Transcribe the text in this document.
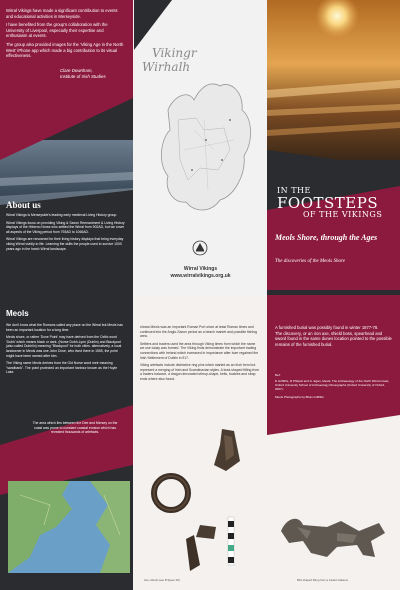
Wirral Vikings have made a significant contribution to events and educational activities in Merseyside.

I have benefited from the group's collaboration with the University of Liverpool, especially their expertise and enthusiasm at events.

The group also provided images for the 'Viking Age in the North West' iPhone app which made a big contribution to its visual effectiveness.

Clare Downham,
Institute of Irish Studies
About us

Wirral Vikings is Merseyside's leading early medieval Living History group.

Wirral Vikings focus on providing Viking & Saxon Reenactment & Living History displays of the Hiberno Norse who settled the Wirral from 902AD, but we cover all aspects of the Viking period from 793AD to 1066AD.

Wirral Vikings are renowned for their living history displays that bring everyday viking Wirral vividly to life. Learning the skills the people used to survive 1000 years ago in the harsh Wirral landscape.

Vikingr
Wirhalh
Wirral Vikings
www.wirralvikings.org.uk
IN THE
FOOTSTEPS
OF THE VIKINGS
Meols Shore, through the Ages
The discoveries of the Meols Shore
Meols

We don't know what the Romans called any place on the Wirral but Meols has been an important location for a long time.

Meols shore, or rather 'Dove Point' may have derived from the Celtic word 'Dubh' which means black or dark. (Norse Dubh-Lynn (Dublin) and Blackpool (also called Dubhlin) meaning "Blackpool" for both cities. alternatively, a local landowner in Meols was one John Dove, who lived there in 1555, the point might have been named after him.

The Viking name Meols derives from the Old Norse word melr meaning "sandbank". The point protected an important harbour known as the Hoyle Lake.

The area which lies between the Dee and Mersey on the coast was prone to constant coastal erosion which has revealed thousands of artefacts.

shows Meols was an important Roman Port since at least Roman times and continued into the Anglo-Saxon period as a beach market and possible fishing area.

Settlers and traders used the area through Viking times from which the name we use today was formed. The Viking finds demonstrate the important trading connections with Ireland which increased in importance after Ivarr regained the Irish Settlement of Dublin in 917.

Viking artefacts include distinctive ring pins which started as an Irish form but represent a merging of Irish and Scandinavian styles. A lead-shaped fitting from a traders balance, a dragon decorated stirrup-shape, bells, buckles and strap ends where also found.

Axe, Meols (see B Speer 00)

A furnished burial was possibly found in winter 1877-78.

The discovery, or an iron axe, shield boss, spearhead and sword found in the same dunes location pointed to the possible remains of the furnished burial.

Ref:

D Griffiths, R Philpott and G. Egan, Meols: The Archaeology of the North Wirral Coast, Oxford University School of Archaeology Monographs (Oxford University of Oxford, 2007).

Meols Photographs by Brian Griffiths

Bird shaped fitting from a traders balance
